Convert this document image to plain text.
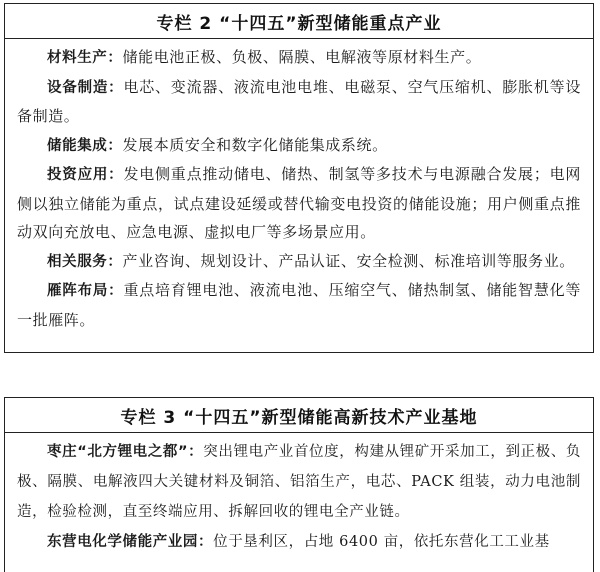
专栏 2 “十四五”新型储能重点产业

材料生产：储能电池正极、负极、隔膜、电解液等原材料生产。

设备制造：电芯、变流器、液流电池电堆、电磁泵、空气压缩机、膨胀机等设备制造。

储能集成：发展本质安全和数字化储能集成系统。

投资应用：发电侧重点推动储电、储热、制氢等多技术与电源融合发展；电网侧以独立储能为重点，试点建设延缓或替代输变电投资的储能设施；用户侧重点推动双向充放电、应急电源、虚拟电厂等多场景应用。

相关服务：产业咨询、规划设计、产品认证、安全检测、标准培训等服务业。

雁阵布局：重点培育锂电池、液流电池、压缩空气、储热制氢、储能智慧化等一批雁阵。

专栏 3 “十四五”新型储能高新技术产业基地

枣庄“北方锂电之都”：突出锂电产业首位度，构建从锂矿开采加工，到正极、负极、隔膜、电解液四大关键材料及铜箔、铝箔生产，电芯、PACK 组装，动力电池制造，检验检测，直至终端应用、拆解回收的锂电全产业链。

东营电化学储能产业园：位于垦利区，占地 6400 亩，依托东营化工工业基
